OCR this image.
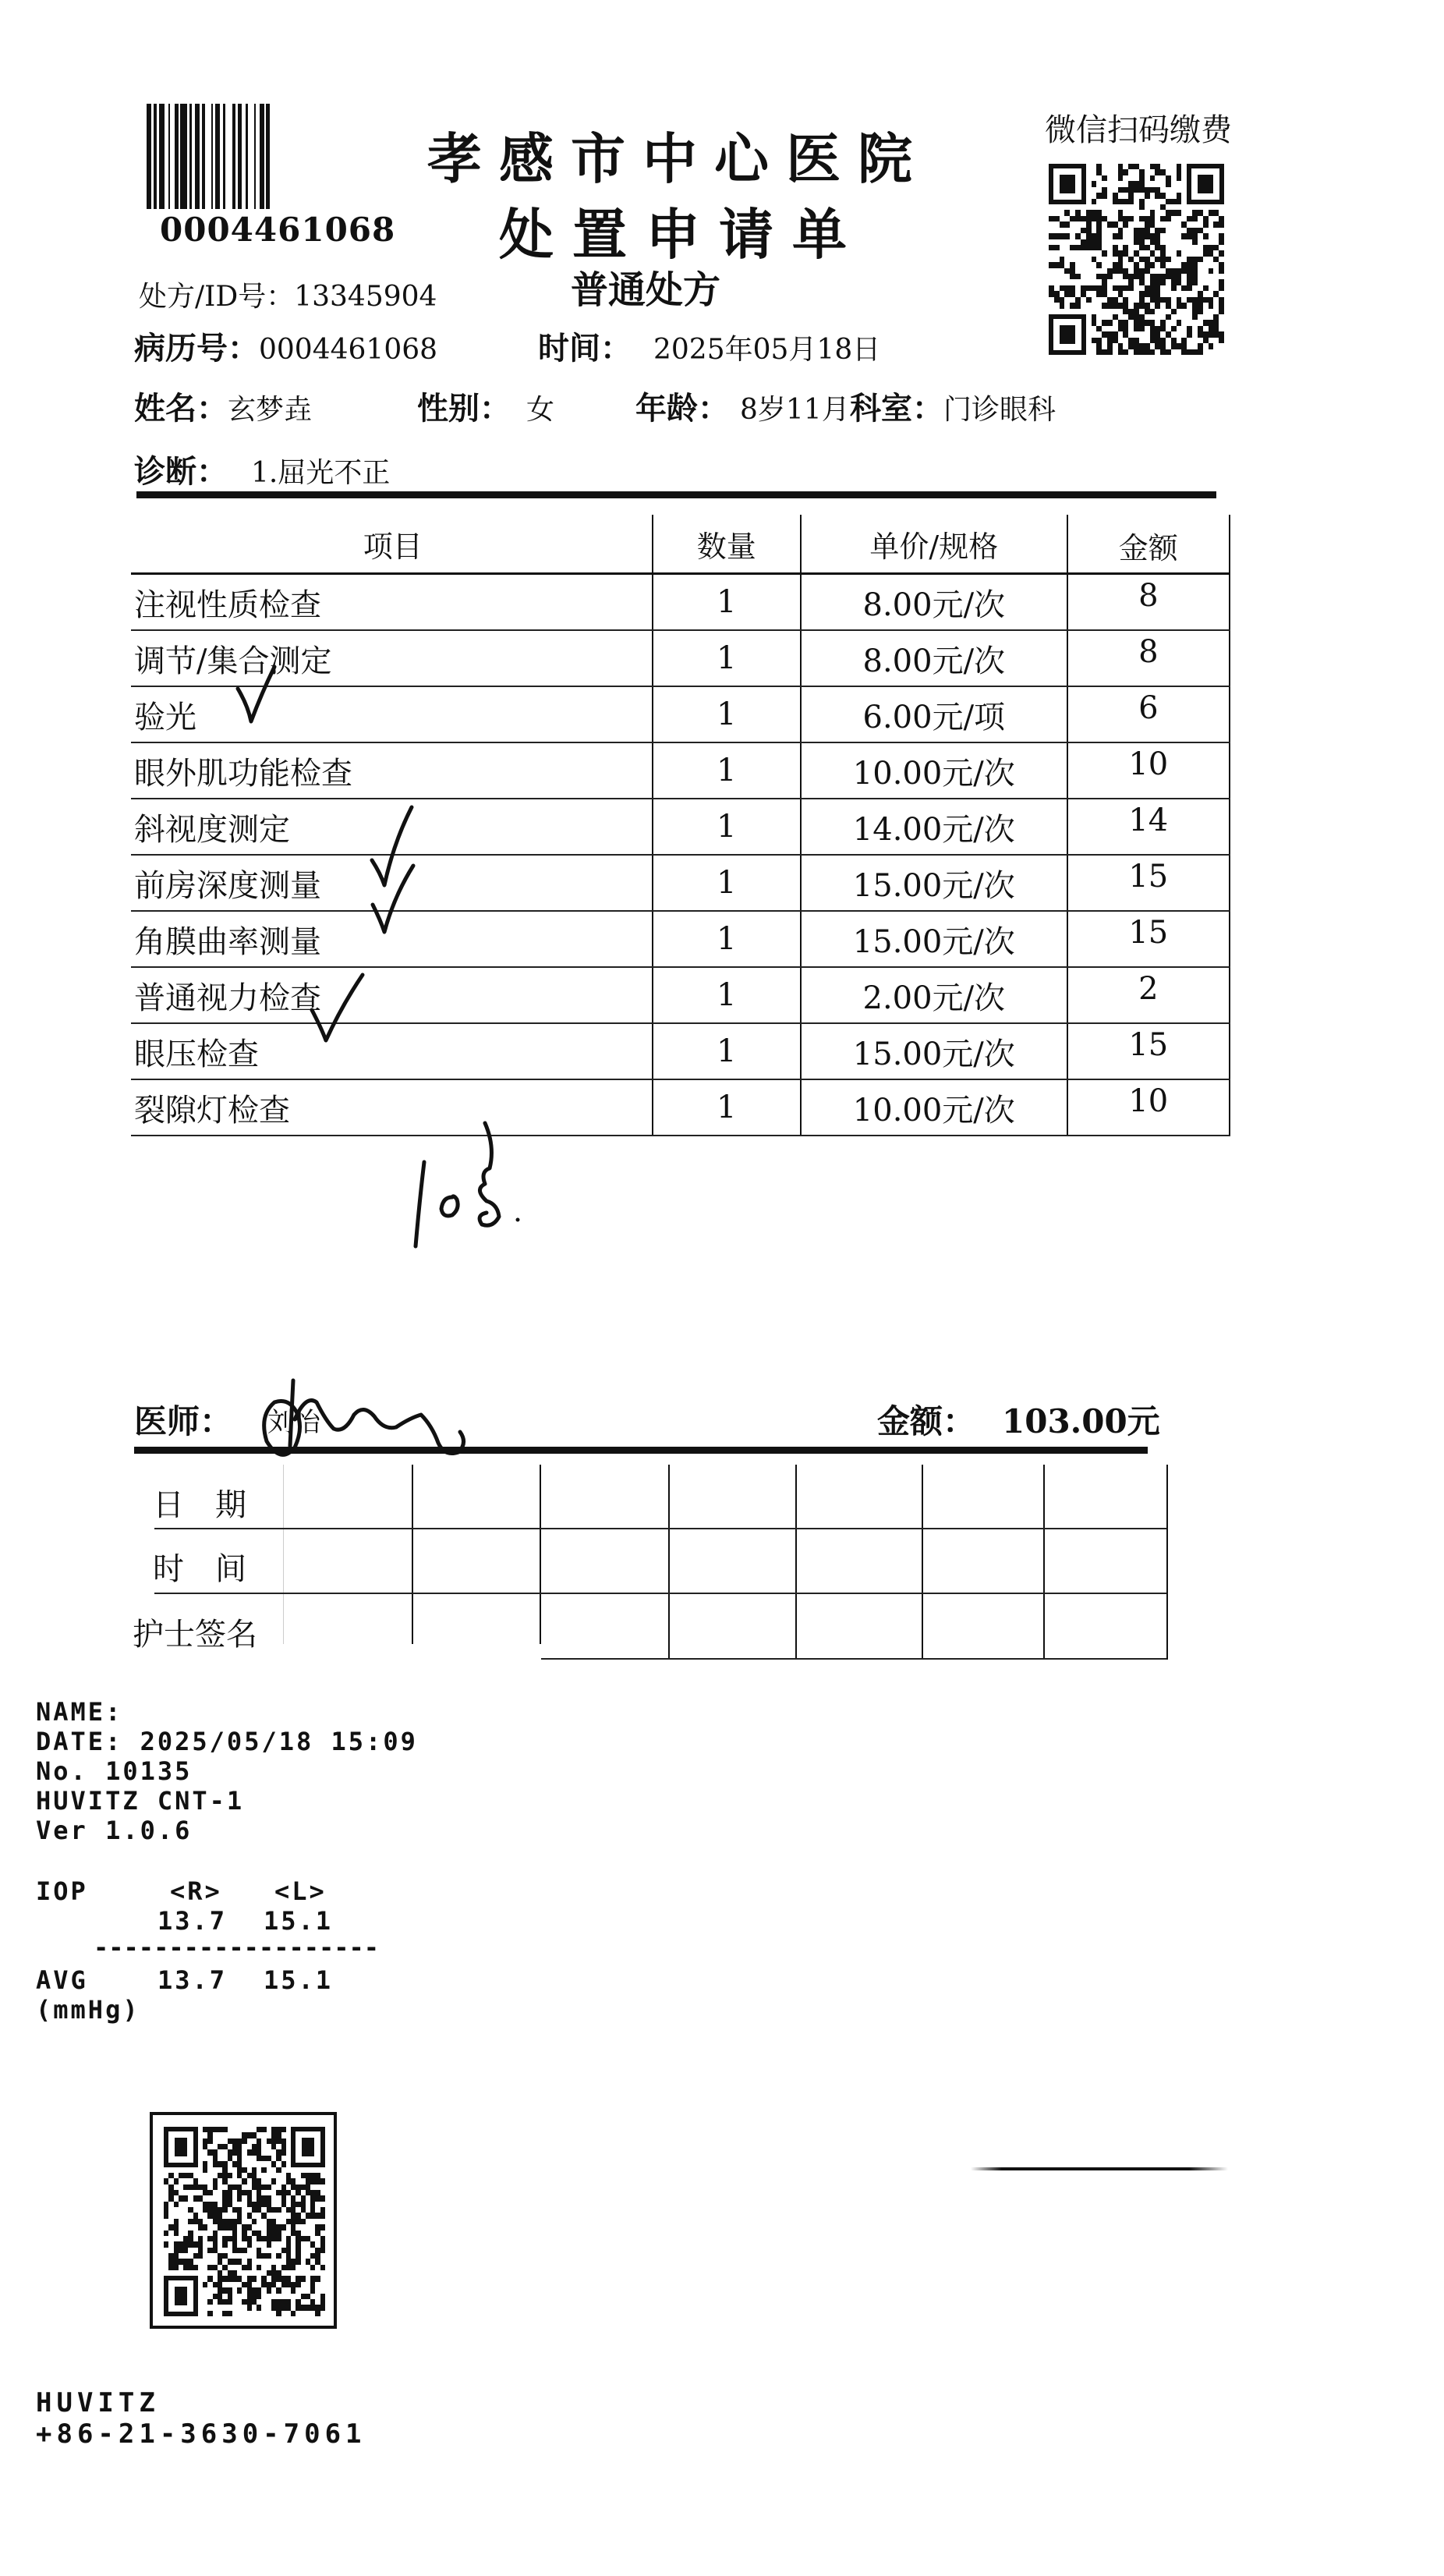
0004461068
孝感市中心医院
处置申请单
普通处方
微信扫码缴费
处方/ID号：13345904
病历号：0004461068	时间： 2025年05月18日
姓名：玄梦垚	性别： 女	年龄： 8岁11月 科室：门诊眼科
诊断： 1.屈光不正
项目	数量	单价/规格	金额
注视性质检查	1	8.00元/次	8
调节/集合测定	1	8.00元/次	8
验光	1	6.00元/项	6
眼外肌功能检查	1	10.00元/次	10
斜视度测定	1	14.00元/次	14
前房深度测量	1	15.00元/次	15
角膜曲率测量	1	15.00元/次	15
普通视力检查	1	2.00元/次	2
眼压检查	1	15.00元/次	15
裂隙灯检查	1	10.00元/次	10
医师： 刘怡	金额： 103.00元
日　期
时　间
护士签名
NAME:
DATE: 2025/05/18 15:09
No. 10135
HUVITZ CNT-1
Ver 1.0.6
IOP	<R> <L>
13.7 15.1
-------------------
AVG	13.7 15.1
(mmHg)
HUVITZ
+86-21-3630-7061
